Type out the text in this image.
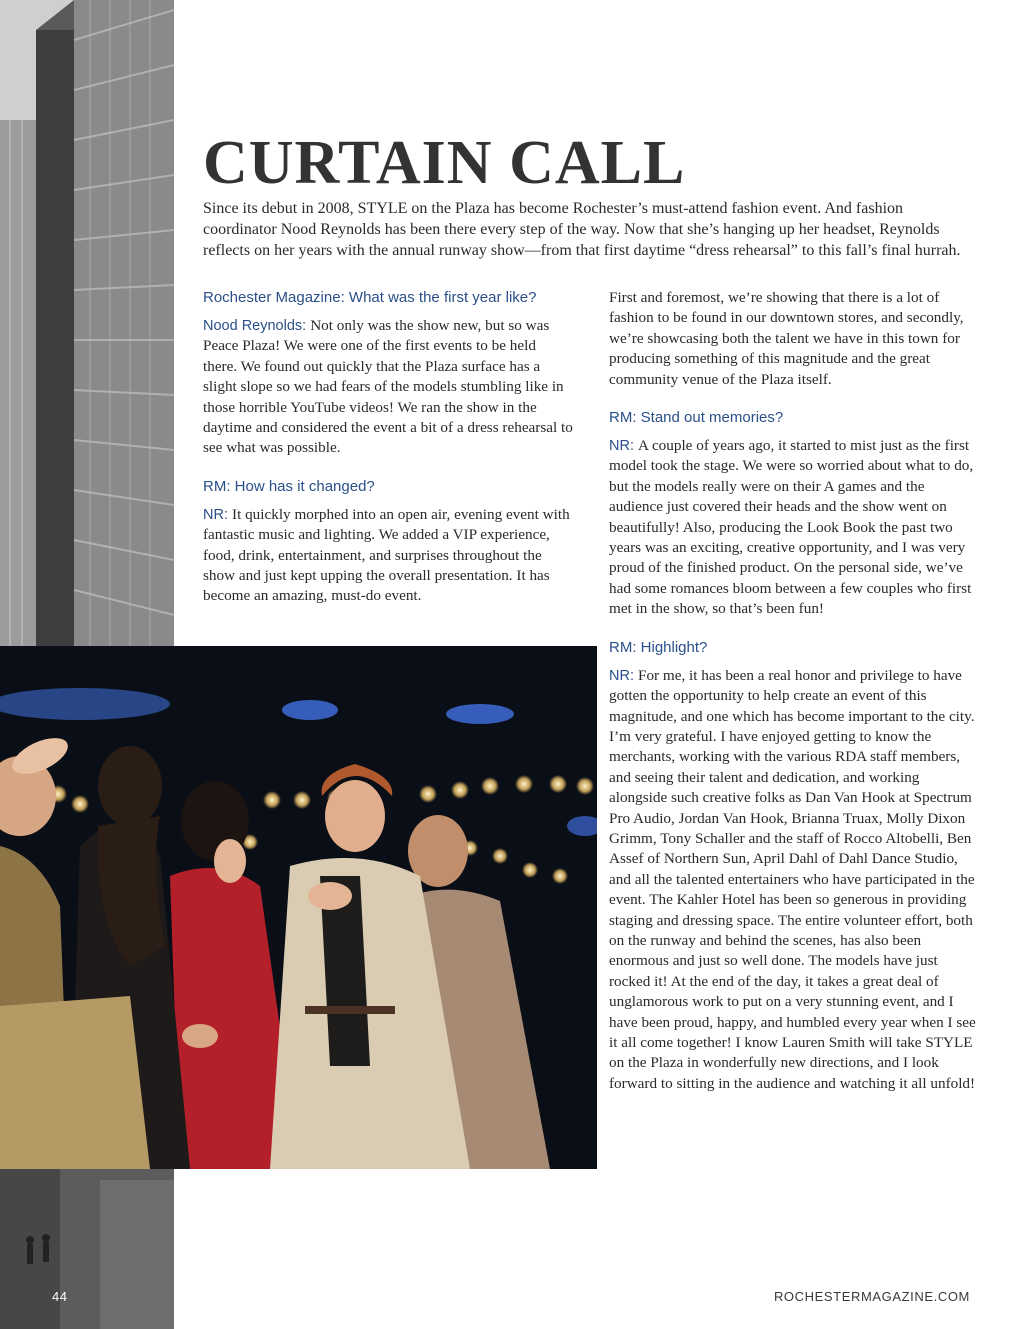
CURTAIN CALL

Since its debut in 2008, STYLE on the Plaza has become Rochester’s must-attend fashion event. And fashion coordinator Nood Reynolds has been there every step of the way. Now that she’s hanging up her headset, Reynolds reflects on her years with the annual runway show—from that first daytime “dress rehearsal” to this fall’s final hurrah.

Rochester Magazine: What was the first year like?

Nood Reynolds: Not only was the show new, but so was Peace Plaza! We were one of the first events to be held there. We found out quickly that the Plaza surface has a slight slope so we had fears of the models stumbling like in those horrible YouTube videos! We ran the show in the daytime and considered the event a bit of a dress rehearsal to see what was possible.

RM: How has it changed?

NR: It quickly morphed into an open air, evening event with fantastic music and lighting. We added a VIP experience, food, drink, entertainment, and surprises throughout the show and just kept upping the overall presentation. It has become an amazing, must-do event.

First and foremost, we’re showing that there is a lot of fashion to be found in our downtown stores, and secondly, we’re showcasing both the talent we have in this town for producing something of this magnitude and the great community venue of the Plaza itself.

RM: Stand out memories?

NR: A couple of years ago, it started to mist just as the first model took the stage. We were so worried about what to do, but the models really were on their A games and the audience just covered their heads and the show went on beautifully! Also, producing the Look Book the past two years was an exciting, creative opportunity, and I was very proud of the finished product. On the personal side, we’ve had some romances bloom between a few couples who first met in the show, so that’s been fun!

RM: Highlight?

NR: For me, it has been a real honor and privilege to have gotten the opportunity to help create an event of this magnitude, and one which has become important to the city. I’m very grateful. I have enjoyed getting to know the merchants, working with the various RDA staff members, and seeing their talent and dedication, and working alongside such creative folks as Dan Van Hook at Spectrum Pro Audio, Jordan Van Hook, Brianna Truax, Molly Dixon Grimm, Tony Schaller and the staff of Rocco Altobelli, Ben Assef of Northern Sun, April Dahl of Dahl Dance Studio, and all the talented entertainers who have participated in the event. The Kahler Hotel has been so generous in providing staging and dressing space. The entire volunteer effort, both on the runway and behind the scenes, has also been enormous and just so well done. The models have just rocked it! At the end of the day, it takes a great deal of unglamorous work to put on a very stunning event, and I have been proud, happy, and humbled every year when I see it all come together! I know Lauren Smith will take STYLE on the Plaza in wonderfully new directions, and I look forward to sitting in the audience and watching it all unfold!

44	ROCHESTERMAGAZINE.COM
